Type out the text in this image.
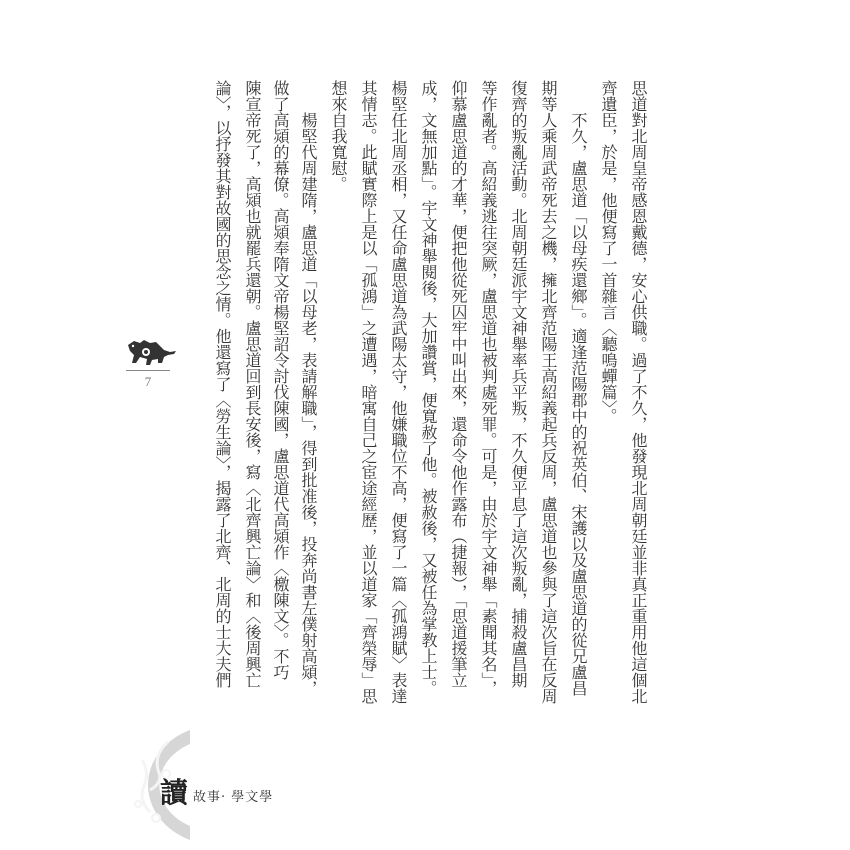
思道對北周皇帝感恩戴德，安心供職。過了不久，他發現北周朝廷並非真正重用他這個北
齊遺臣，於是，他便寫了一首雜言〈聽鳴蟬篇〉。
不久，盧思道「以母疾還鄉」。適逢范陽郡中的祝英伯、宋護以及盧思道的從兄盧昌
期等人乘周武帝死去之機，擁北齊范陽王高紹義起兵反周，盧思道也參與了這次旨在反周
復齊的叛亂活動。北周朝廷派宇文神舉率兵平叛，不久便平息了這次叛亂，捕殺盧昌期
等作亂者。高紹義逃往突厥，盧思道也被判處死罪。可是，由於宇文神舉「素聞其名」，
仰慕盧思道的才華，便把他從死囚牢中叫出來，還命令他作露布（捷報），「思道援筆立
成，文無加點」。宇文神舉閱後，大加讚賞，便寬赦了他。被赦後，又被任為掌教上士。
楊堅任北周丞相，又任命盧思道為武陽太守，他嫌職位不高，便寫了一篇〈孤鴻賦〉表達
其情志。此賦實際上是以「孤鴻」之遭遇，暗寓自己之宦途經歷，並以道家「齊榮辱」思
想來自我寬慰。
楊堅代周建隋，盧思道「以母老，表請解職」，得到批准後，投奔尚書左僕射高熲，
做了高熲的幕僚。高熲奉隋文帝楊堅詔令討伐陳國，盧思道代高熲作〈檄陳文〉。不巧
陳宣帝死了，高熲也就罷兵還朝。盧思道回到長安後，寫〈北齊興亡論〉和〈後周興亡
論〉，以抒發其對故國的思念之情。他還寫了〈勞生論〉，揭露了北齊、北周的士大夫們
7
讀 故事· 學文學
